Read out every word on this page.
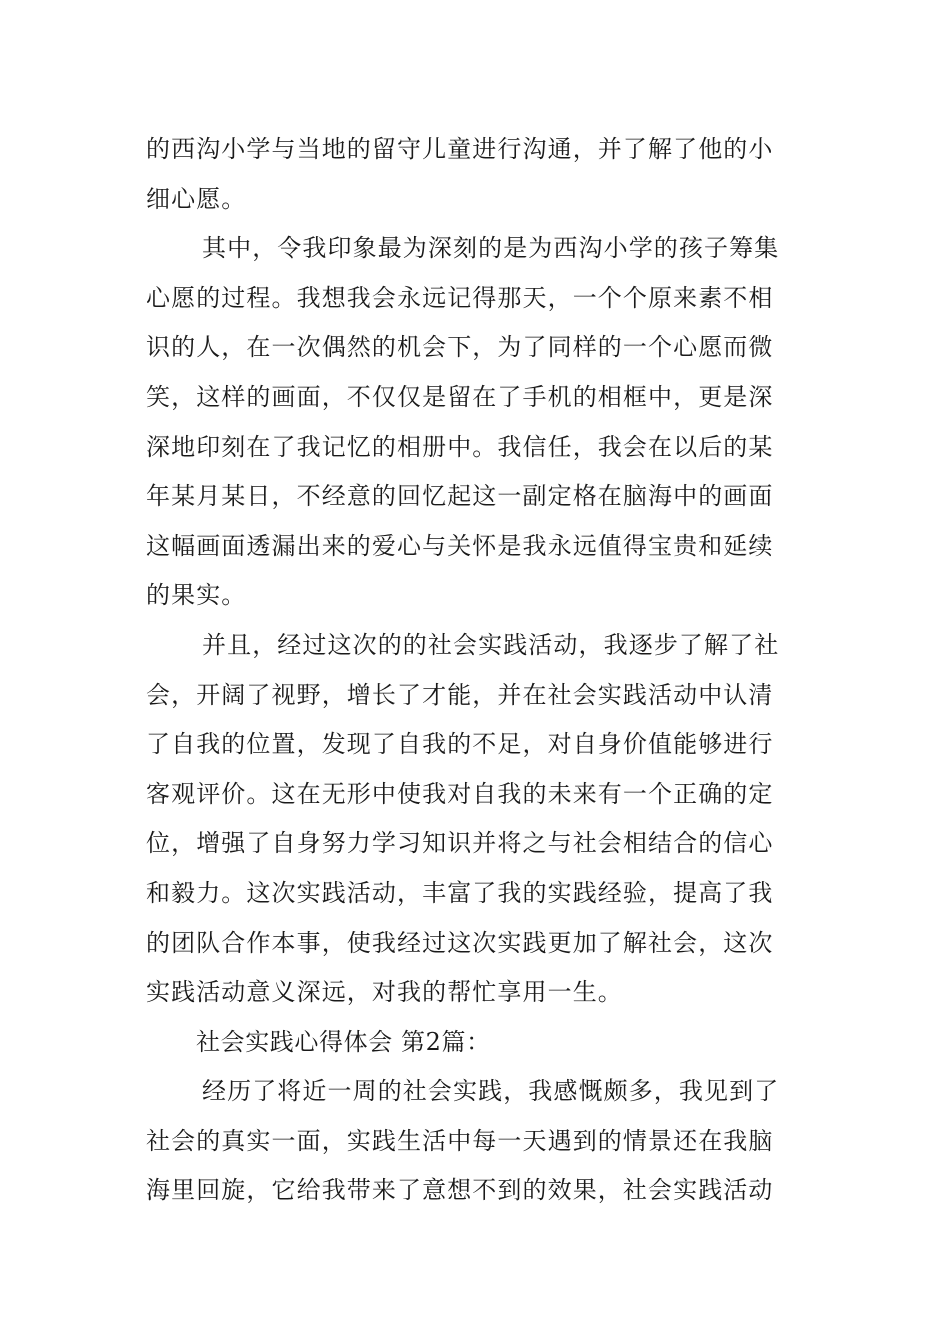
的西沟小学与当地的留守儿童进行沟通，并了解了他的小
细心愿。
其中，令我印象最为深刻的是为西沟小学的孩子筹集
心愿的过程。我想我会永远记得那天，一个个原来素不相
识的人，在一次偶然的机会下，为了同样的一个心愿而微
笑，这样的画面，不仅仅是留在了手机的相框中，更是深
深地印刻在了我记忆的相册中。我信任，我会在以后的某
年某月某日，不经意的回忆起这一副定格在脑海中的画面
这幅画面透漏出来的爱心与关怀是我永远值得宝贵和延续
的果实。
并且，经过这次的的社会实践活动，我逐步了解了社
会，开阔了视野，增长了才能，并在社会实践活动中认清
了自我的位置，发现了自我的不足，对自身价值能够进行
客观评价。这在无形中使我对自我的未来有一个正确的定
位，增强了自身努力学习知识并将之与社会相结合的信心
和毅力。这次实践活动，丰富了我的实践经验，提高了我
的团队合作本事，使我经过这次实践更加了解社会，这次
实践活动意义深远，对我的帮忙享用一生。
社会实践心得体会 第2篇：
经历了将近一周的社会实践，我感慨颇多，我见到了
社会的真实一面，实践生活中每一天遇到的情景还在我脑
海里回旋，它给我带来了意想不到的效果，社会实践活动
